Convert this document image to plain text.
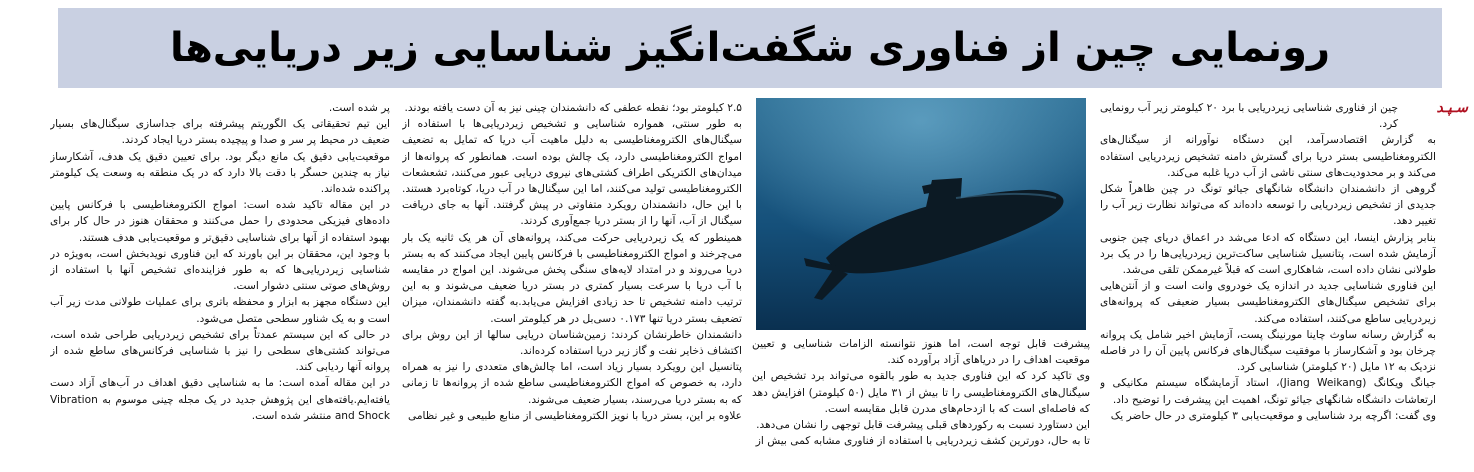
رونمایی چین از فناوری شگفت‌انگیز شناسایی زیر دریایی‌ها
سـپـد

چین از فناوری شناسایی زیردریایی با برد ۲۰ کیلومتر زیر آب رونمایی کرد.

به گزارش اقتصادسرآمد، این دستگاه نوآورانه از سیگنال‌های الکترومغناطیسی بستر دریا برای گسترش دامنه تشخیص زیردریایی استفاده می‌کند و بر محدودیت‌های سنتی ناشی از آب دریا غلبه می‌کند.

گروهی از دانشمندان دانشگاه شانگهای جیائو تونگ در چین ظاهراً شکل جدیدی از تشخیص زیردریایی را توسعه داده‌اند که می‌تواند نظارت زیر آب را تغییر دهد.

بنابر پزارش اینسا، این دستگاه که ادعا می‌شد در اعماق دریای چین جنوبی آزمایش شده است، پتانسیل شناسایی ساکت‌ترین زیردریایی‌ها را در یک برد طولانی نشان داده است، شاهکاری است که قبلاً غیرممکن تلقی می‌شد.

این فناوری شناسایی جدید در اندازه یک خودروی وانت است و از آنتن‌هایی برای تشخیص سیگنال‌های الکترومغناطیسی بسیار ضعیفی که پروانه‌های زیردریایی ساطع می‌کنند، استفاده می‌کند.

به گزارش رسانه ساوث چاینا مورنینگ پست، آزمایش اخیر شامل یک پروانه چرخان بود و آشکارساز با موفقیت سیگنال‌های فرکانس پایین آن را در فاصله نزدیک به ۱۲ مایل (۲۰ کیلومتر) شناسایی کرد.

جیانگ ویکانگ (Jiang Weikang)، استاد آزمایشگاه سیستم مکانیکی و ارتعاشات دانشگاه شانگهای جیائو تونگ، اهمیت این پیشرفت را توضیح داد.

وی گفت: اگرچه برد شناسایی و موقعیت‌یابی ۳ کیلومتری در حال حاضر یک

پیشرفت قابل توجه است، اما هنوز نتوانسته الزامات شناسایی و تعیین موقعیت اهداف را در دریاهای آزاد برآورده کند.

وی تاکید کرد که این فناوری جدید به طور بالقوه می‌تواند برد تشخیص این سیگنال‌های الکترومغناطیسی را تا بیش از ۳۱ مایل (۵۰ کیلومتر) افزایش دهد که فاصله‌ای است که با ازدحام‌های مدرن قابل مقایسه است.

این دستاورد نسبت به رکوردهای قبلی پیشرفت قابل توجهی را نشان می‌دهد.

تا به حال، دورترین کشف زیردریایی با استفاده از فناوری مشابه کمی بیش از

۲.۵ کیلومتر بود؛ نقطه عطفی که دانشمندان چینی نیز به آن دست یافته بودند.

به طور سنتی، همواره شناسایی و تشخیص زیردریایی‌ها با استفاده از سیگنال‌های الکترومغناطیسی به دلیل ماهیت آب دریا که تمایل به تضعیف امواج الکترومغناطیسی دارد، یک چالش بوده است. همانطور که پروانه‌ها از میدان‌های الکتریکی اطراف کشتی‌های نیروی دریایی عبور می‌کنند، تشعشعات الکترومغناطیسی تولید می‌کنند، اما این سیگنال‌ها در آب دریا، کوتاه‌برد هستند. با این حال، دانشمندان رویکرد متفاوتی در پیش گرفتند. آنها به جای دریافت سیگنال از آب، آنها را از بستر دریا جمع‌آوری کردند.

همینطور که یک زیردریایی حرکت می‌کند، پروانه‌های آن هر یک ثانیه یک بار می‌چرخند و امواج الکترومغناطیسی با فرکانس پایین ایجاد می‌کنند که به بستر دریا می‌روند و در امتداد لایه‌های سنگی پخش می‌شوند. این امواج در مقایسه با آب دریا با سرعت بسیار کمتری در بستر دریا ضعیف می‌شوند و به این ترتیب دامنه تشخیص تا حد زیادی افزایش می‌یابد.به گفته دانشمندان، میزان تضعیف بستر دریا تنها ۰.۱۷۳ دسی‌بل در هر کیلومتر است.

دانشمندان خاطرنشان کردند: زمین‌شناسان دریایی سالها از این روش برای اکتشاف ذخایر نفت و گاز زیر دریا استفاده کرده‌اند.

پتانسیل این رویکرد بسیار زیاد است، اما چالش‌های متعددی را نیز به همراه دارد، به خصوص که امواج الکترومغناطیسی ساطع شده از پروانه‌ها تا زمانی که به بستر دریا می‌رسند، بسیار ضعیف می‌شوند.

علاوه بر این، بستر دریا با نویز الکترومغناطیسی از منابع طبیعی و غیر نظامی

پر شده است.

این تیم تحقیقاتی یک الگوریتم پیشرفته برای جداسازی سیگنال‌های بسیار ضعیف در محیط پر سر و صدا و پیچیده بستر دریا ایجاد کردند.

موقعیت‌یابی دقیق یک مانع دیگر بود. برای تعیین دقیق یک هدف، آشکارساز نیاز به چندین حسگر با دقت بالا دارد که در یک منطقه به وسعت یک کیلومتر پراکنده شده‌اند.

در این مقاله تاکید شده است: امواج الکترومغناطیسی با فرکانس پایین داده‌های فیزیکی محدودی را حمل می‌کنند و محققان هنوز در حال کار برای بهبود استفاده از آنها برای شناسایی دقیق‌تر و موقعیت‌یابی هدف هستند.

با وجود این، محققان بر این باورند که این فناوری نویدبخش است، به‌ویژه در شناسایی زیردریایی‌ها که به طور فزاینده‌ای تشخیص آنها با استفاده از روش‌های صوتی سنتی دشوار است.

این دستگاه مجهز به ابزار و محفظه باتری برای عملیات طولانی مدت زیر آب است و به یک شناور سطحی متصل می‌شود.

در حالی که این سیستم عمدتاً برای تشخیص زیردریایی طراحی شده است، می‌تواند کشتی‌های سطحی را نیز با شناسایی فرکانس‌های ساطع شده از پروانه آنها ردیابی کند.

در این مقاله آمده است: ما به شناسایی دقیق اهداف در آب‌های آزاد دست یافته‌ایم.یافته‌های این پژوهش جدید در یک مجله چینی موسوم به Vibration and Shock منتشر شده است.
